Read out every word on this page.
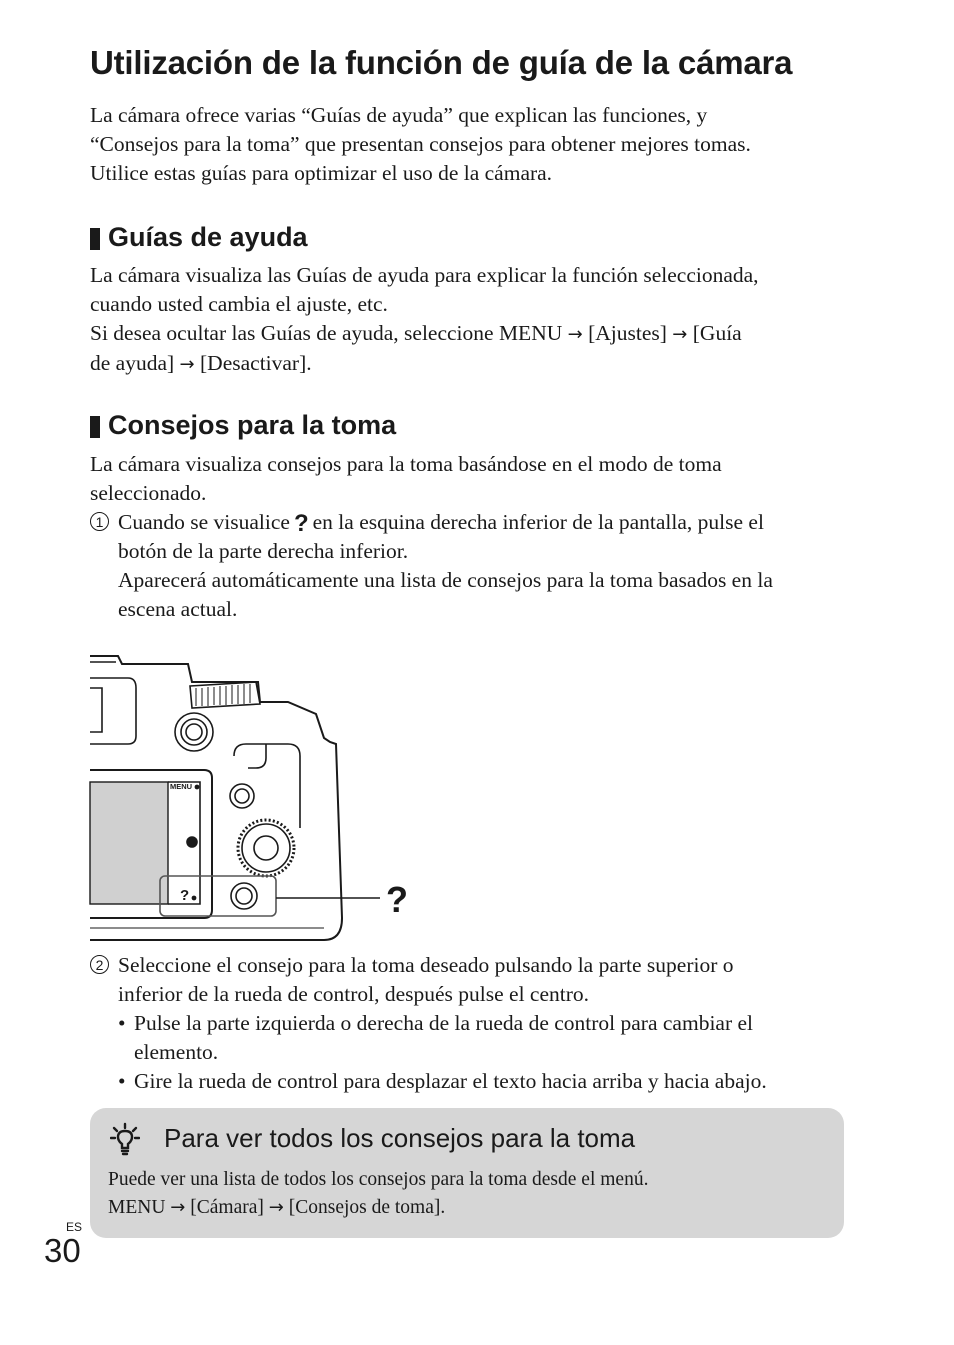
Utilización de la función de guía de la cámara
La cámara ofrece varias “Guías de ayuda” que explican las funciones, y
“Consejos para la toma” que presentan consejos para obtener mejores tomas.
Utilice estas guías para optimizar el uso de la cámara.
Guías de ayuda
La cámara visualiza las Guías de ayuda para explicar la función seleccionada,
cuando usted cambia el ajuste, etc.
Si desea ocultar las Guías de ayuda, seleccione MENU → [Ajustes] → [Guía
de ayuda] → [Desactivar].
Consejos para la toma
La cámara visualiza consejos para la toma basándose en el modo de toma
seleccionado.
1 Cuando se visualice ? en la esquina derecha inferior de la pantalla, pulse el

botón de la parte derecha inferior.

Aparecerá automáticamente una lista de consejos para la toma basados en la

escena actual.

MENU
?	?
2 Seleccione el consejo para la toma deseado pulsando la parte superior o

inferior de la rueda de control, después pulse el centro.

• Pulse la parte izquierda o derecha de la rueda de control para cambiar el
elemento.
• Gire la rueda de control para desplazar el texto hacia arriba y hacia abajo.
Para ver todos los consejos para la toma

Puede ver una lista de todos los consejos para la toma desde el menú.

MENU → [Cámara] → [Consejos de toma].

ES
30
